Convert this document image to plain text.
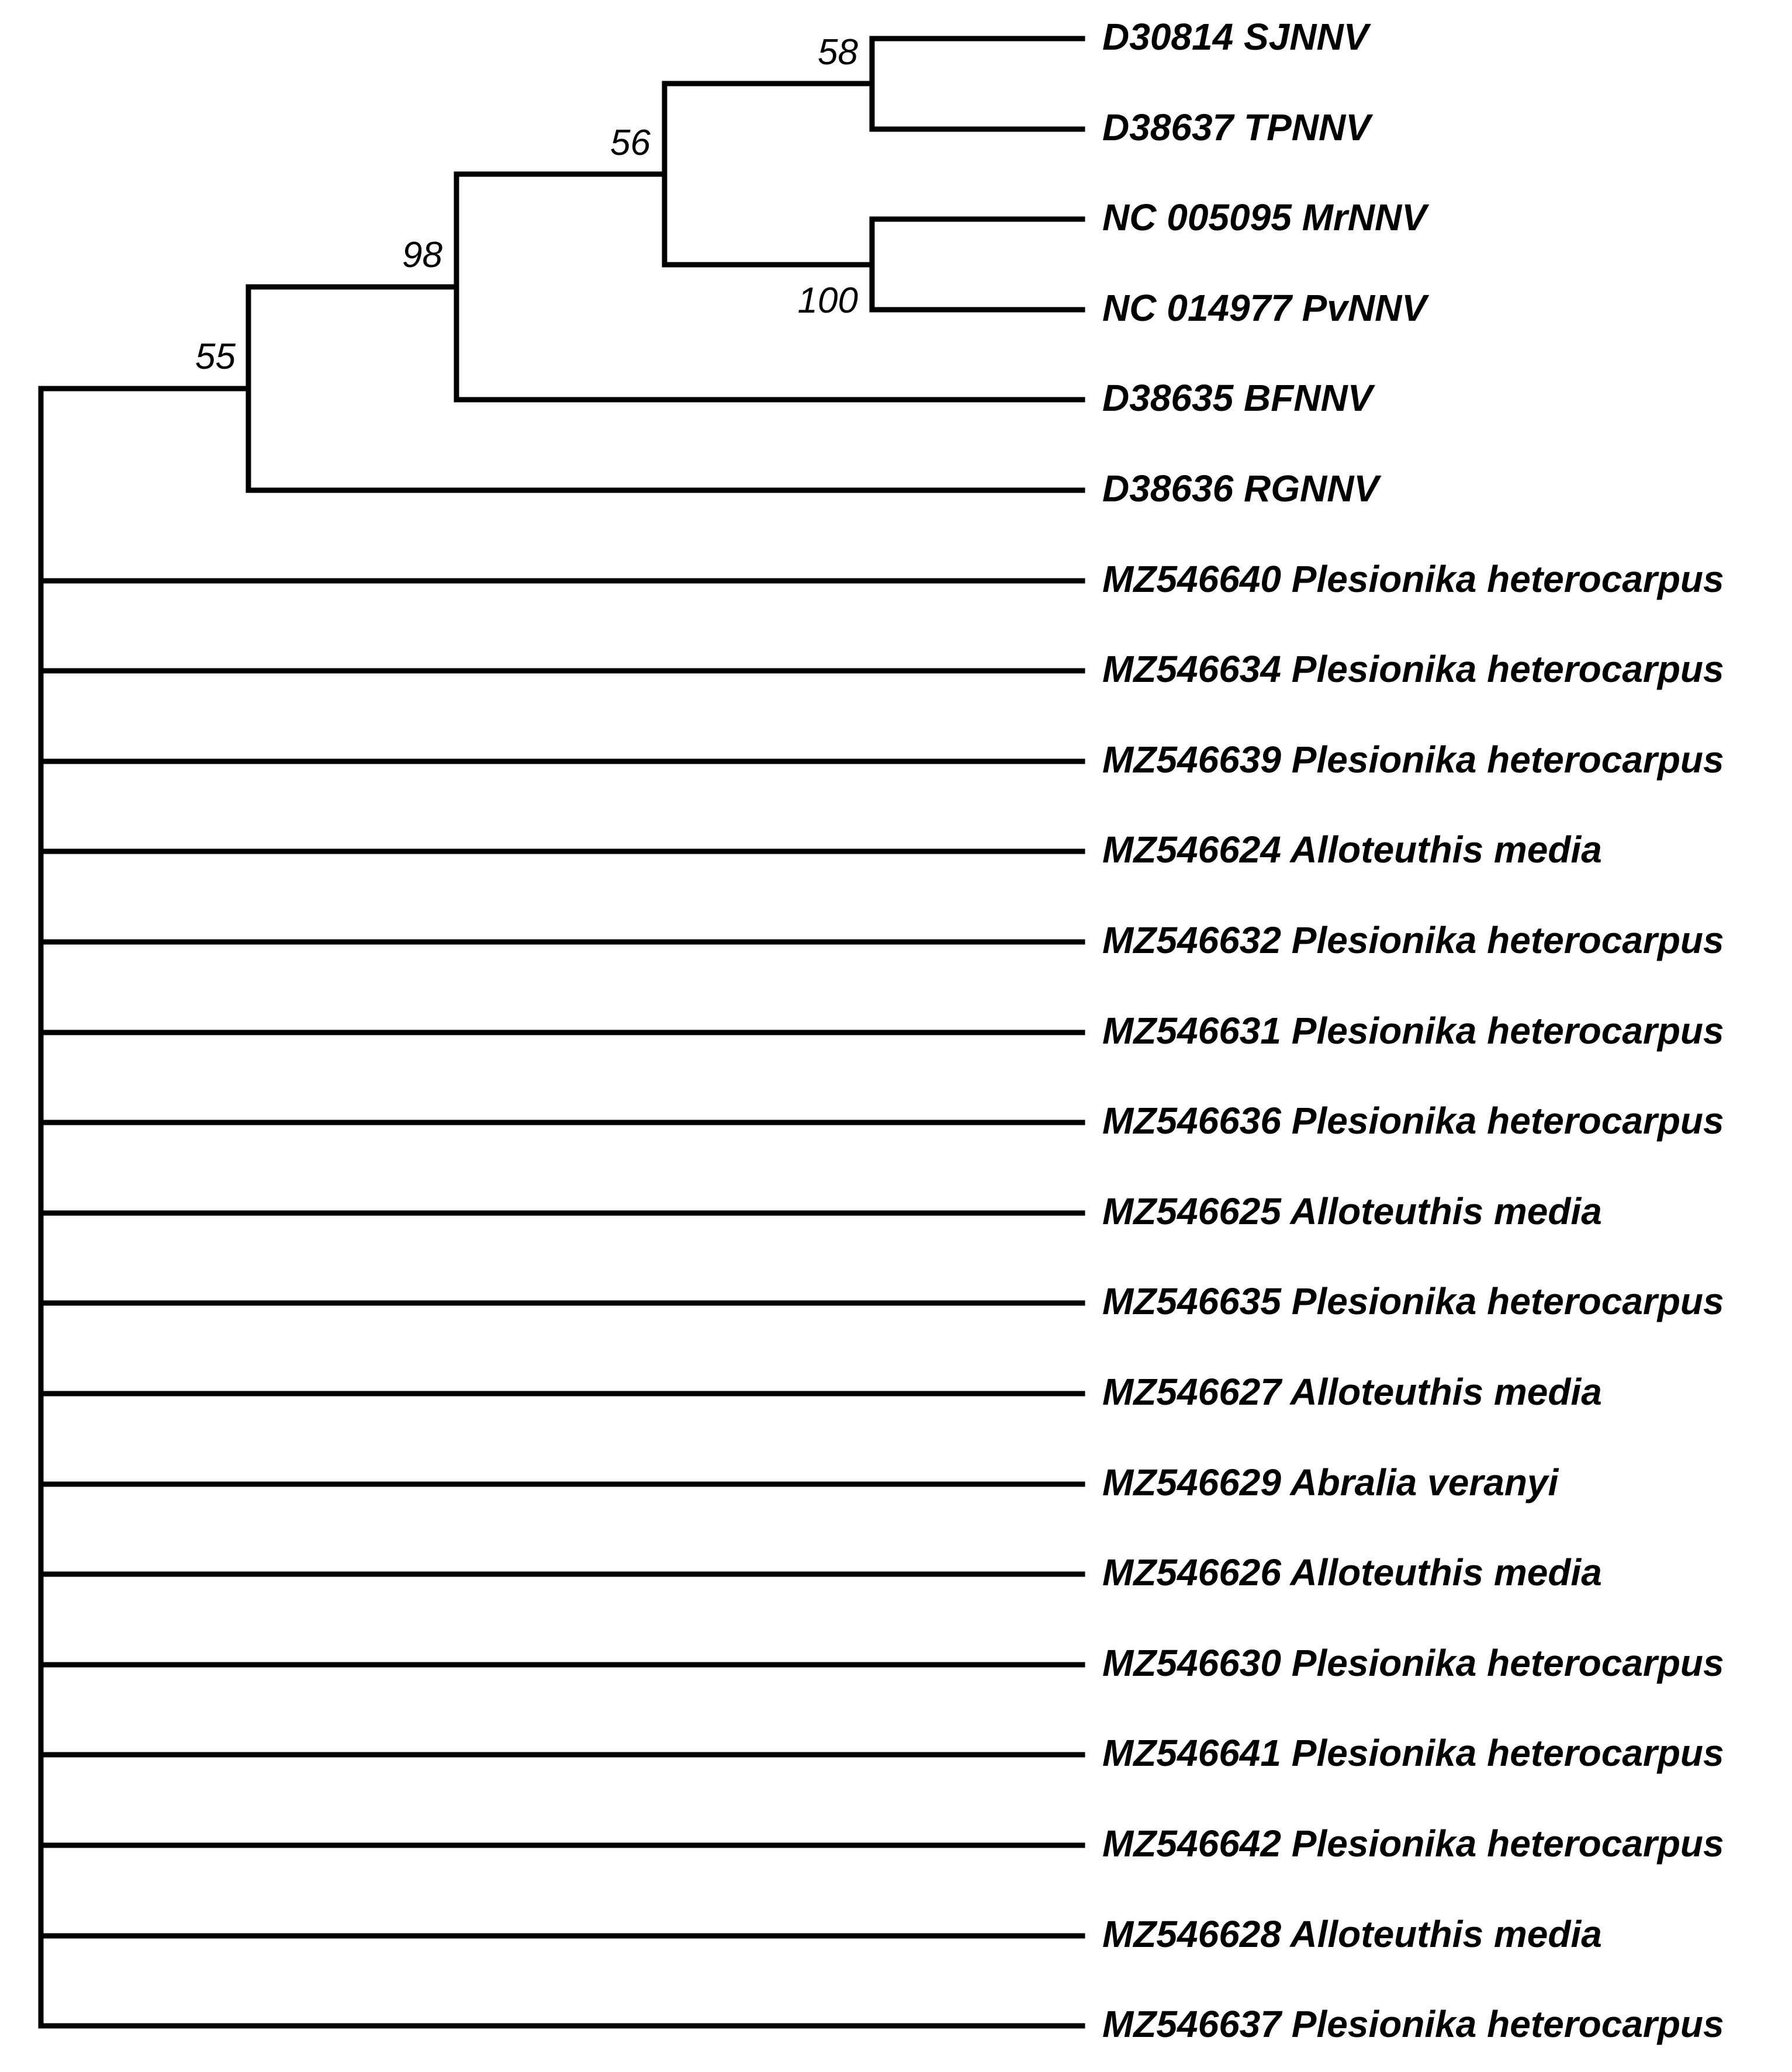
D30814 SJNNV
D38637 TPNNV
NC 005095 MrNNV
NC 014977 PvNNV
D38635 BFNNV
D38636 RGNNV
MZ546640 Plesionika heterocarpus
MZ546634 Plesionika heterocarpus
MZ546639 Plesionika heterocarpus
MZ546624 Alloteuthis media
MZ546632 Plesionika heterocarpus
MZ546631 Plesionika heterocarpus
MZ546636 Plesionika heterocarpus
MZ546625 Alloteuthis media
MZ546635 Plesionika heterocarpus
MZ546627 Alloteuthis media
MZ546629 Abralia veranyi
MZ546626 Alloteuthis media
MZ546630 Plesionika heterocarpus
MZ546641 Plesionika heterocarpus
MZ546642 Plesionika heterocarpus
MZ546628 Alloteuthis media
MZ546637 Plesionika heterocarpus
58
56
100
98
55
